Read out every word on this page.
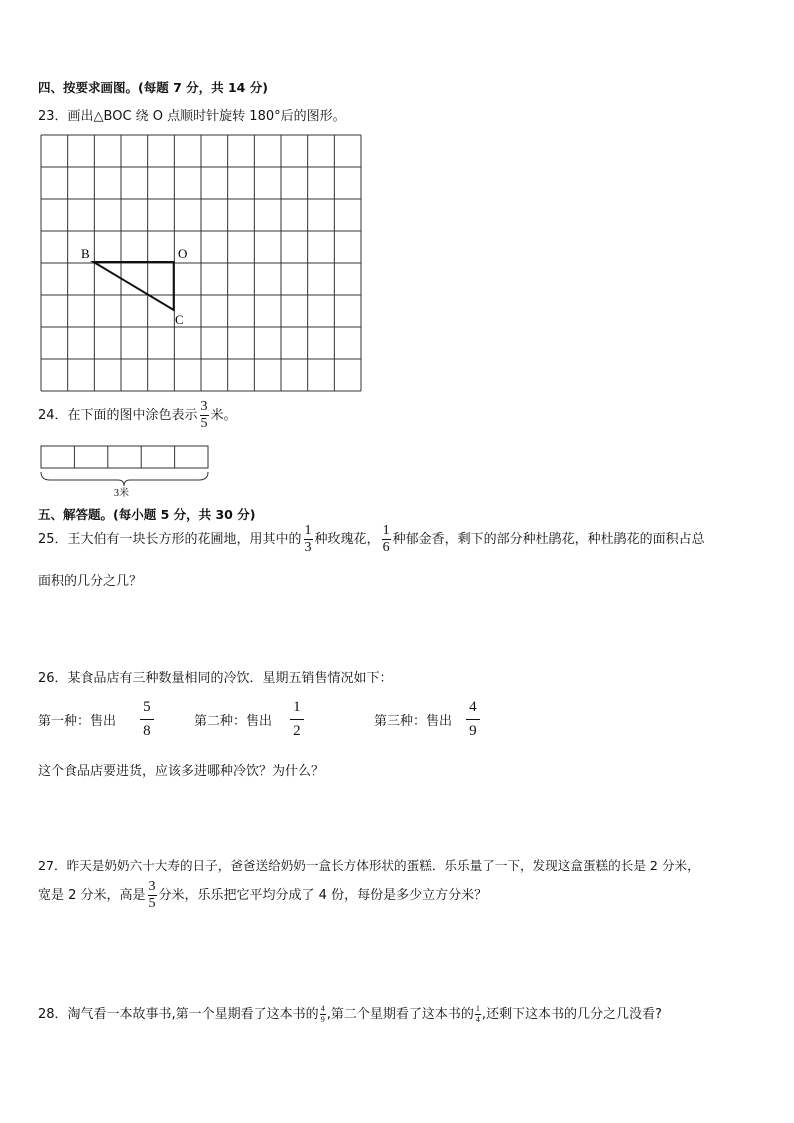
四、按要求画图。(每题 7 分，共 14 分)
23．画出△BOC 绕 O 点顺时针旋转 180°后的图形。
B	O
C
24．在下面的图中涂色表示 $\frac{3}{5}$ 米。
3米
五、解答题。(每小题 5 分，共 30 分)
25．王大伯有一块长方形的花圃地，用其中的 $\frac{1}{3}$ 种玫瑰花， $\frac{1}{6}$ 种郁金香，剩下的部分种杜鹃花，种杜鹃花的面积占总
面积的几分之几？
26．某食品店有三种数量相同的冷饮．星期五销售情况如下：
第一种：售出 $\frac{5}{8}$	第二种：售出 $\frac{1}{2}$	第三种：售出 $\frac{4}{9}$
这个食品店要进货，应该多进哪种冷饮？为什么？
27．昨天是奶奶六十大寿的日子，爸爸送给奶奶一盒长方体形状的蛋糕．乐乐量了一下，发现这盒蛋糕的长是 2 分米，
宽是 2 分米，高是 $\frac{3}{5}$ 分米，乐乐把它平均分成了 4 份，每份是多少立方分米？
28．淘气看一本故事书,第一个星期看了这本书的 $\frac{4}{9}$ ,第二个星期看了这本书的 $\frac{1}{4}$ ,还剩下这本书的几分之几没看?
